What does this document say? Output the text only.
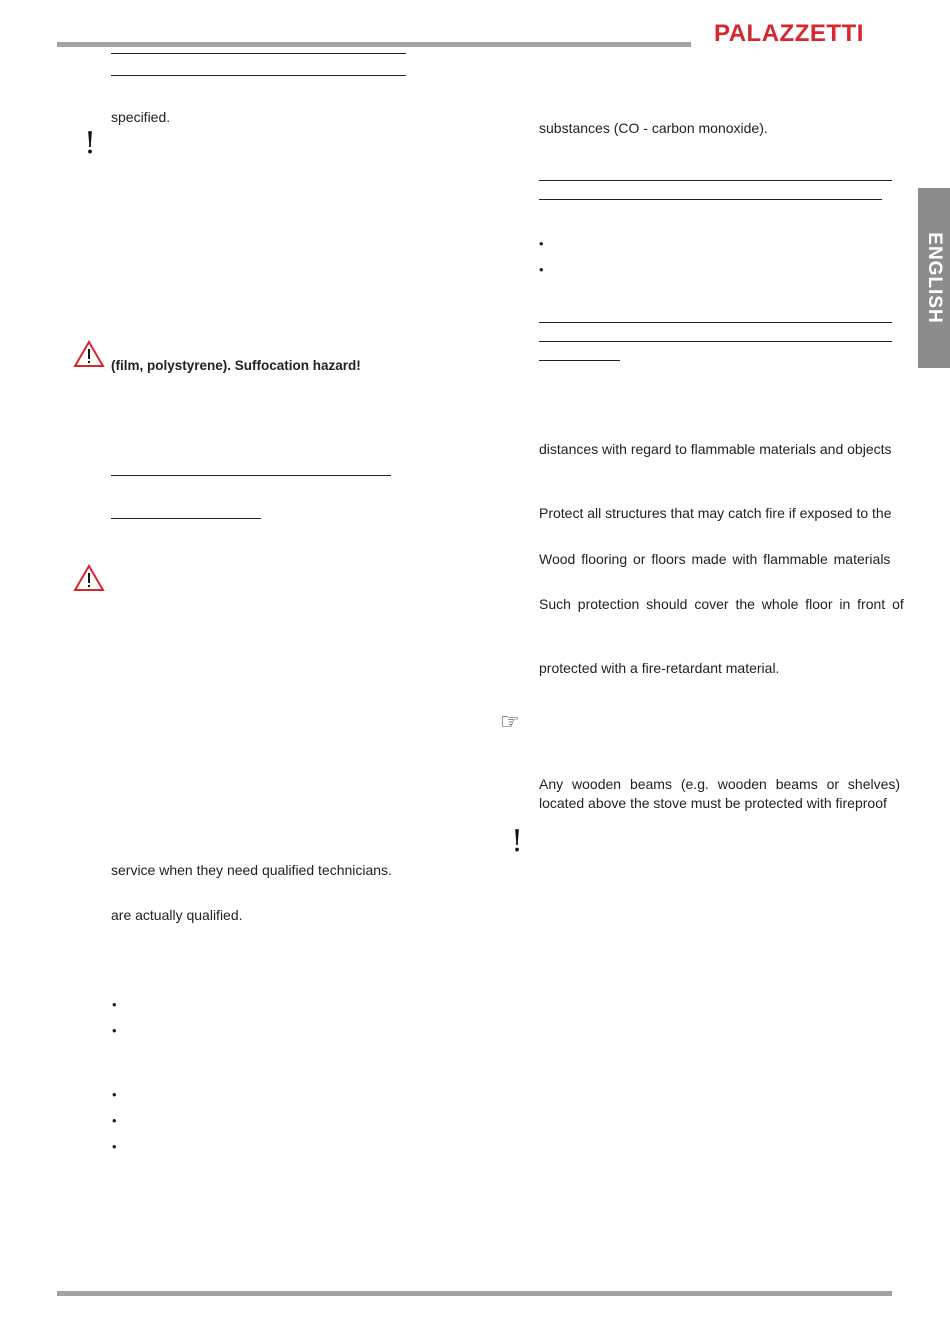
PALAZZETTI
ENGLISH
specified.
!
(film, polystyrene). Suffocation hazard!
service when they need qualified technicians.
are actually qualified.
•
•
•
•
•
substances (CO - carbon monoxide).
•
•
distances with regard to flammable materials and objects
Protect all structures that may catch fire if exposed to the
Wood flooring or floors made with flammable materials
Such protection should cover the whole floor in front of
protected with a fire-retardant material.
☞
Any wooden beams (e.g. wooden beams or shelves)
located above the stove must be protected with fireproof
!
